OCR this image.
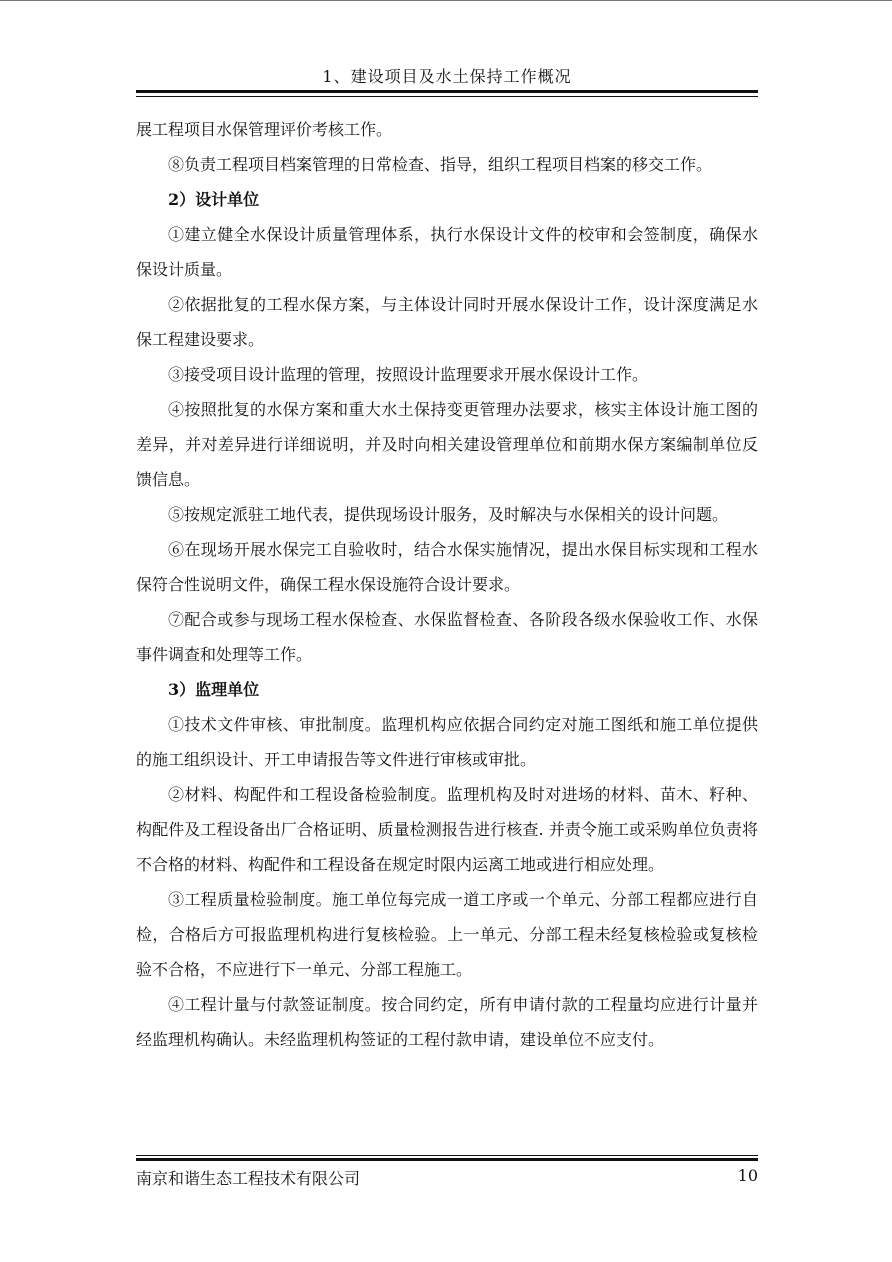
1、建设项目及水土保持工作概况

展工程项目水保管理评价考核工作。

⑧负责工程项目档案管理的日常检查、指导，组织工程项目档案的移交工作。

2）设计单位

①建立健全水保设计质量管理体系，执行水保设计文件的校审和会签制度，确保水保设计质量。

②依据批复的工程水保方案，与主体设计同时开展水保设计工作，设计深度满足水保工程建设要求。

③接受项目设计监理的管理，按照设计监理要求开展水保设计工作。

④按照批复的水保方案和重大水土保持变更管理办法要求，核实主体设计施工图的差异，并对差异进行详细说明，并及时向相关建设管理单位和前期水保方案编制单位反馈信息。

⑤按规定派驻工地代表，提供现场设计服务，及时解决与水保相关的设计问题。

⑥在现场开展水保完工自验收时，结合水保实施情况，提出水保目标实现和工程水保符合性说明文件，确保工程水保设施符合设计要求。

⑦配合或参与现场工程水保检查、水保监督检查、各阶段各级水保验收工作、水保事件调查和处理等工作。

3）监理单位

①技术文件审核、审批制度。监理机构应依据合同约定对施工图纸和施工单位提供的施工组织设计、开工申请报告等文件进行审核或审批。

②材料、构配件和工程设备检验制度。监理机构及时对进场的材料、苗木、籽种、构配件及工程设备出厂合格证明、质量检测报告进行核查. 并责令施工或采购单位负责将不合格的材料、构配件和工程设备在规定时限内运离工地或进行相应处理。

③工程质量检验制度。施工单位每完成一道工序或一个单元、分部工程都应进行自检，合格后方可报监理机构进行复核检验。上一单元、分部工程未经复核检验或复核检验不合格，不应进行下一单元、分部工程施工。

④工程计量与付款签证制度。按合同约定，所有申请付款的工程量均应进行计量并经监理机构确认。未经监理机构签证的工程付款申请，建设单位不应支付。

南京和谐生态工程技术有限公司	10
